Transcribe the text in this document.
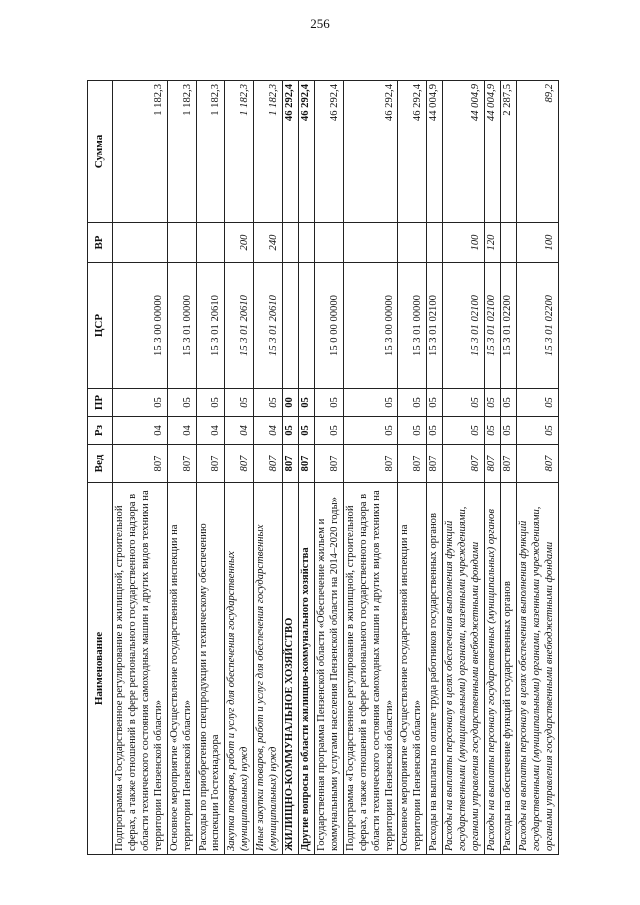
256
Наименование	Вед	Рз	ПР	ЦСР	ВР	Сумма
Подпрограмма «Государственное регулирование в жилищной, строительной сферах, а также отношений в сфере регионального государственного надзора в области технического состояния самоходных машин и других видов техники на территории Пензенской области»	807	04	05	15 3 00 00000		1 182,3
Основное мероприятие «Осуществление государственной инспекции на территории Пензенской области»	807	04	05	15 3 01 00000		1 182,3
Расходы по приобретению спецпродукции и техническому обеспечению инспекции Гостехнадзора	807	04	05	15 3 01 20610		1 182,3
Закупка товаров, работ и услуг для обеспечения государственных (муниципальных) нужд	807	04	05	15 3 01 20610	200	1 182,3
Иные закупки товаров, работ и услуг для обеспечения государственных (муниципальных) нужд	807	04	05	15 3 01 20610	240	1 182,3
ЖИЛИЩНО-КОММУНАЛЬНОЕ ХОЗЯЙСТВО	807	05	00			46 292,4
Другие вопросы в области жилищно-коммунального хозяйства	807	05	05			46 292,4
Государственная программа Пензенской области «Обеспечение жильем и коммунальными услугами населения Пензенской области на 2014–2020 годы»	807	05	05	15 0 00 00000		46 292,4
Подпрограмма «Государственное регулирование в жилищной, строительной сферах, а также отношений в сфере регионального государственного надзора в области технического состояния самоходных машин и других видов техники на территории Пензенской области»	807	05	05	15 3 00 00000		46 292,4
Основное мероприятие «Осуществление государственной инспекции на территории Пензенской области»	807	05	05	15 3 01 00000		46 292,4
Расходы на выплаты по оплате труда работников государственных органов	807	05	05	15 3 01 02100		44 004,9
Расходы на выплаты персоналу в целях обеспечения выполнения функций государственными (муниципальными) органами, казенными учреждениями, органами управления государственными внебюджетными фондами	807	05	05	15 3 01 02100	100	44 004,9
Расходы на выплаты персоналу государственных (муниципальных) органов	807	05	05	15 3 01 02100	120	44 004,9
Расходы на обеспечение функций государственных органов	807	05	05	15 3 01 02200		2 287,5
Расходы на выплаты персоналу в целях обеспечения выполнения функций государственными (муниципальными) органами, казенными учреждениями, органами управления государственными внебюджетными фондами	807	05	05	15 3 01 02200	100	89,2
